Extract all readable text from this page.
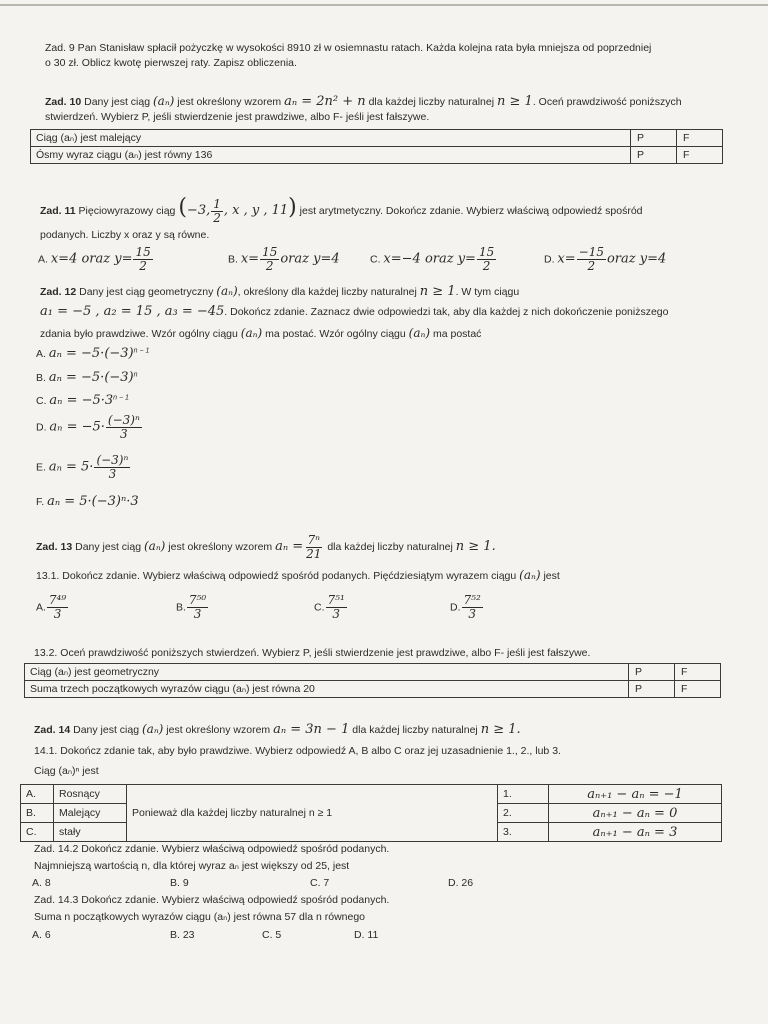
Zad. 9 Pan Stanisław spłacił pożyczkę w wysokości 8910 zł w osiemnastu ratach. Każda kolejna rata była mniejsza od poprzedniej
o 30 zł. Oblicz kwotę pierwszej raty. Zapisz obliczenia.
Zad. 10 Dany jest ciąg (aₙ) jest określony wzorem aₙ = 2n² + n dla każdej liczby naturalnej n ≥ 1. Oceń prawdziwość poniższych
stwierdzeń. Wybierz P, jeśli stwierdzenie jest prawdziwe, albo F- jeśli jest fałszywe.
Ciąg (aₙ) jest malejący	P	F
Ósmy wyraz ciągu (aₙ) jest równy 136	P	F
Zad. 11 Pięciowyrazowy ciąg (−3, $\frac{1}{2}$ , x , y , 11) jest arytmetyczny. Dokończ zdanie. Wybierz właściwą odpowiedź spośród
podanych. Liczby x oraz y są równe.
A. x=4 oraz $y= \frac{15}{2}$	B. $x= \frac{15}{2}$ oraz y=4	C. x=−4 oraz $y= \frac{15}{2}$	D. $x= \frac{-15}{2}$ oraz y=4
Zad. 12 Dany jest ciąg geometryczny (aₙ), określony dla każdej liczby naturalnej n ≥ 1. W tym ciągu
a₁ = −5 , a₂ = 15 , a₃ = −45. Dokończ zdanie. Zaznacz dwie odpowiedzi tak, aby dla każdej z nich dokończenie poniższego
zdania było prawdziwe. Wzór ogólny ciągu (aₙ) ma postać. Wzór ogólny ciągu (aₙ) ma postać
A. $a_n = -5\cdot(-3)^{n - 1}$
B. $a_n = -5\cdot(-3)^n$
C. $a_n = -5\cdot 3^{n - 1}$
D. $a_n = -5\cdot \frac{\text{(−3)ⁿ}}{3}$
E. $a_n = 5\cdot \frac{\text{(−3)ⁿ}}{3}$
F. aₙ = 5·(−3)ⁿ·3
Zad. 13 Dany jest ciąg (aₙ) jest określony wzorem $a_n = \frac{\text{7ⁿ}}{21}$ dla każdej liczby naturalnej n ≥ 1.
13.1. Dokończ zdanie. Wybierz właściwą odpowiedź spośród podanych. Pięćdziesiątym wyrazem ciągu (aₙ) jest
A. $\frac{\text{7⁴⁹}}{3}$	B. $\frac{\text{7⁵⁰}}{3}$	C. $\frac{\text{7⁵¹}}{3}$	D. $\frac{\text{7⁵²}}{3}$
13.2. Oceń prawdziwość poniższych stwierdzeń. Wybierz P, jeśli stwierdzenie jest prawdziwe, albo F- jeśli jest fałszywe.
Ciąg (aₙ) jest geometryczny	P	F
Suma trzech początkowych wyrazów ciągu (aₙ) jest równa 20	P	F
Zad. 14 Dany jest ciąg (aₙ) jest określony wzorem aₙ = 3n − 1 dla każdej liczby naturalnej n ≥ 1.
14.1. Dokończ zdanie tak, aby było prawdziwe. Wybierz odpowiedź A, B albo C oraz jej uzasadnienie 1., 2., lub 3.
Ciąg (aₙ)ⁿ jest
A.	Rosnący	Ponieważ dla każdej liczby naturalnej n ≥ 1	1.	aₙ₊₁ − aₙ = −1
B.	Malejący		2.	aₙ₊₁ − aₙ = 0
C.	stały		3.	aₙ₊₁ − aₙ = 3
Zad. 14.2 Dokończ zdanie. Wybierz właściwą odpowiedź spośród podanych.
Najmniejszą wartością n, dla której wyraz aₙ jest większy od 25, jest
A. 8	B. 9	C. 7	D. 26
Zad. 14.3 Dokończ zdanie. Wybierz właściwą odpowiedź spośród podanych.
Suma n początkowych wyrazów ciągu (aₙ) jest równa 57 dla n równego
A. 6	B. 23	C. 5	D. 11
